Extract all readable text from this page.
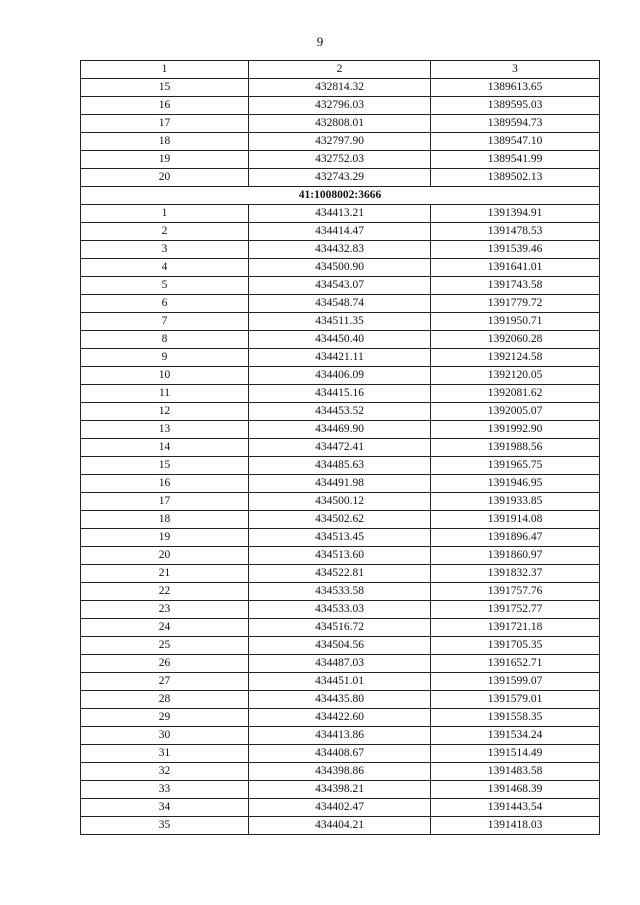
9
1	2	3
15	432814.32	1389613.65
16	432796.03	1389595.03
17	432808.01	1389594.73
18	432797.90	1389547.10
19	432752.03	1389541.99
20	432743.29	1389502.13
41:1008002:3666		
1	434413.21	1391394.91
2	434414.47	1391478.53
3	434432.83	1391539.46
4	434500.90	1391641.01
5	434543.07	1391743.58
6	434548.74	1391779.72
7	434511.35	1391950.71
8	434450.40	1392060.28
9	434421.11	1392124.58
10	434406.09	1392120.05
11	434415.16	1392081.62
12	434453.52	1392005.07
13	434469.90	1391992.90
14	434472.41	1391988.56
15	434485.63	1391965.75
16	434491.98	1391946.95
17	434500.12	1391933.85
18	434502.62	1391914.08
19	434513.45	1391896.47
20	434513.60	1391860.97
21	434522.81	1391832.37
22	434533.58	1391757.76
23	434533.03	1391752.77
24	434516.72	1391721.18
25	434504.56	1391705.35
26	434487.03	1391652.71
27	434451.01	1391599.07
28	434435.80	1391579.01
29	434422.60	1391558.35
30	434413.86	1391534.24
31	434408.67	1391514.49
32	434398.86	1391483.58
33	434398.21	1391468.39
34	434402.47	1391443.54
35	434404.21	1391418.03
